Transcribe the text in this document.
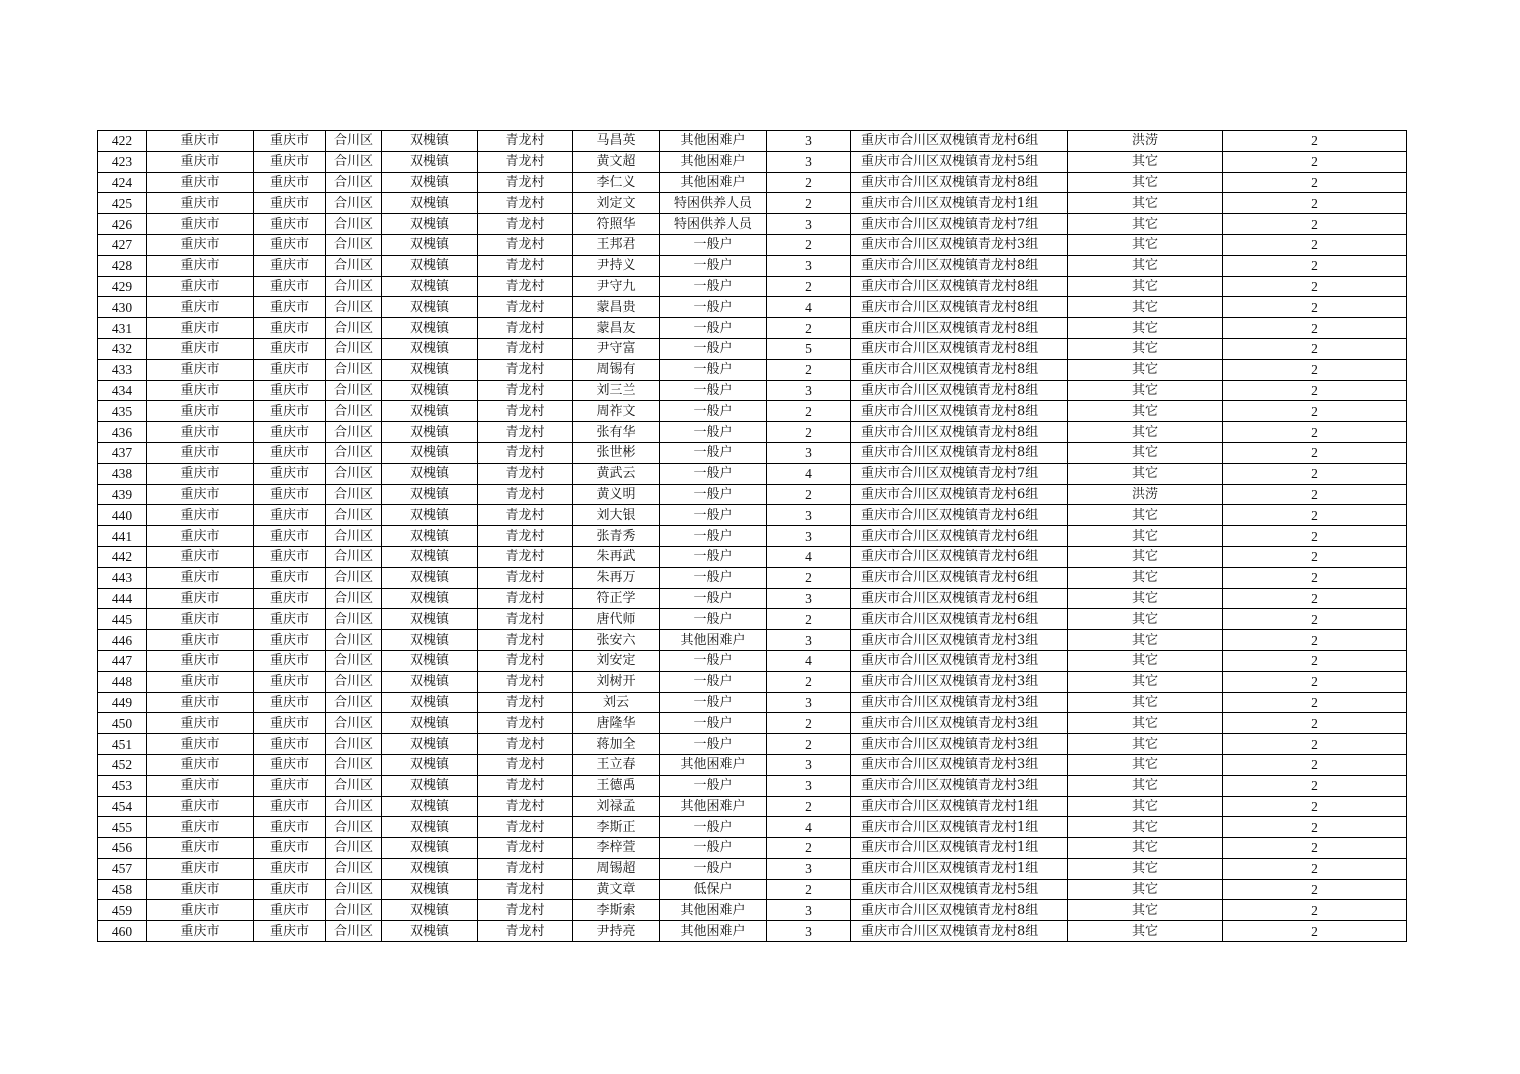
422	重庆市	重庆市	合川区	双槐镇	青龙村	马昌英	其他困难户	3	重庆市合川区双槐镇青龙村6组	洪涝	2
423	重庆市	重庆市	合川区	双槐镇	青龙村	黄文超	其他困难户	3	重庆市合川区双槐镇青龙村5组	其它	2
424	重庆市	重庆市	合川区	双槐镇	青龙村	李仁义	其他困难户	2	重庆市合川区双槐镇青龙村8组	其它	2
425	重庆市	重庆市	合川区	双槐镇	青龙村	刘定文	特困供养人员	2	重庆市合川区双槐镇青龙村1组	其它	2
426	重庆市	重庆市	合川区	双槐镇	青龙村	符照华	特困供养人员	3	重庆市合川区双槐镇青龙村7组	其它	2
427	重庆市	重庆市	合川区	双槐镇	青龙村	王邦君	一般户	2	重庆市合川区双槐镇青龙村3组	其它	2
428	重庆市	重庆市	合川区	双槐镇	青龙村	尹持义	一般户	3	重庆市合川区双槐镇青龙村8组	其它	2
429	重庆市	重庆市	合川区	双槐镇	青龙村	尹守九	一般户	2	重庆市合川区双槐镇青龙村8组	其它	2
430	重庆市	重庆市	合川区	双槐镇	青龙村	蒙昌贵	一般户	4	重庆市合川区双槐镇青龙村8组	其它	2
431	重庆市	重庆市	合川区	双槐镇	青龙村	蒙昌友	一般户	2	重庆市合川区双槐镇青龙村8组	其它	2
432	重庆市	重庆市	合川区	双槐镇	青龙村	尹守富	一般户	5	重庆市合川区双槐镇青龙村8组	其它	2
433	重庆市	重庆市	合川区	双槐镇	青龙村	周锡有	一般户	2	重庆市合川区双槐镇青龙村8组	其它	2
434	重庆市	重庆市	合川区	双槐镇	青龙村	刘三兰	一般户	3	重庆市合川区双槐镇青龙村8组	其它	2
435	重庆市	重庆市	合川区	双槐镇	青龙村	周祚文	一般户	2	重庆市合川区双槐镇青龙村8组	其它	2
436	重庆市	重庆市	合川区	双槐镇	青龙村	张有华	一般户	2	重庆市合川区双槐镇青龙村8组	其它	2
437	重庆市	重庆市	合川区	双槐镇	青龙村	张世彬	一般户	3	重庆市合川区双槐镇青龙村8组	其它	2
438	重庆市	重庆市	合川区	双槐镇	青龙村	黄武云	一般户	4	重庆市合川区双槐镇青龙村7组	其它	2
439	重庆市	重庆市	合川区	双槐镇	青龙村	黄义明	一般户	2	重庆市合川区双槐镇青龙村6组	洪涝	2
440	重庆市	重庆市	合川区	双槐镇	青龙村	刘大银	一般户	3	重庆市合川区双槐镇青龙村6组	其它	2
441	重庆市	重庆市	合川区	双槐镇	青龙村	张青秀	一般户	3	重庆市合川区双槐镇青龙村6组	其它	2
442	重庆市	重庆市	合川区	双槐镇	青龙村	朱再武	一般户	4	重庆市合川区双槐镇青龙村6组	其它	2
443	重庆市	重庆市	合川区	双槐镇	青龙村	朱再万	一般户	2	重庆市合川区双槐镇青龙村6组	其它	2
444	重庆市	重庆市	合川区	双槐镇	青龙村	符正学	一般户	3	重庆市合川区双槐镇青龙村6组	其它	2
445	重庆市	重庆市	合川区	双槐镇	青龙村	唐代师	一般户	2	重庆市合川区双槐镇青龙村6组	其它	2
446	重庆市	重庆市	合川区	双槐镇	青龙村	张安六	其他困难户	3	重庆市合川区双槐镇青龙村3组	其它	2
447	重庆市	重庆市	合川区	双槐镇	青龙村	刘安定	一般户	4	重庆市合川区双槐镇青龙村3组	其它	2
448	重庆市	重庆市	合川区	双槐镇	青龙村	刘树开	一般户	2	重庆市合川区双槐镇青龙村3组	其它	2
449	重庆市	重庆市	合川区	双槐镇	青龙村	刘云	一般户	3	重庆市合川区双槐镇青龙村3组	其它	2
450	重庆市	重庆市	合川区	双槐镇	青龙村	唐隆华	一般户	2	重庆市合川区双槐镇青龙村3组	其它	2
451	重庆市	重庆市	合川区	双槐镇	青龙村	蒋加全	一般户	2	重庆市合川区双槐镇青龙村3组	其它	2
452	重庆市	重庆市	合川区	双槐镇	青龙村	王立春	其他困难户	3	重庆市合川区双槐镇青龙村3组	其它	2
453	重庆市	重庆市	合川区	双槐镇	青龙村	王德禹	一般户	3	重庆市合川区双槐镇青龙村3组	其它	2
454	重庆市	重庆市	合川区	双槐镇	青龙村	刘禄孟	其他困难户	2	重庆市合川区双槐镇青龙村1组	其它	2
455	重庆市	重庆市	合川区	双槐镇	青龙村	李斯正	一般户	4	重庆市合川区双槐镇青龙村1组	其它	2
456	重庆市	重庆市	合川区	双槐镇	青龙村	李梓萱	一般户	2	重庆市合川区双槐镇青龙村1组	其它	2
457	重庆市	重庆市	合川区	双槐镇	青龙村	周锡超	一般户	3	重庆市合川区双槐镇青龙村1组	其它	2
458	重庆市	重庆市	合川区	双槐镇	青龙村	黄文章	低保户	2	重庆市合川区双槐镇青龙村5组	其它	2
459	重庆市	重庆市	合川区	双槐镇	青龙村	李斯索	其他困难户	3	重庆市合川区双槐镇青龙村8组	其它	2
460	重庆市	重庆市	合川区	双槐镇	青龙村	尹持亮	其他困难户	3	重庆市合川区双槐镇青龙村8组	其它	2
